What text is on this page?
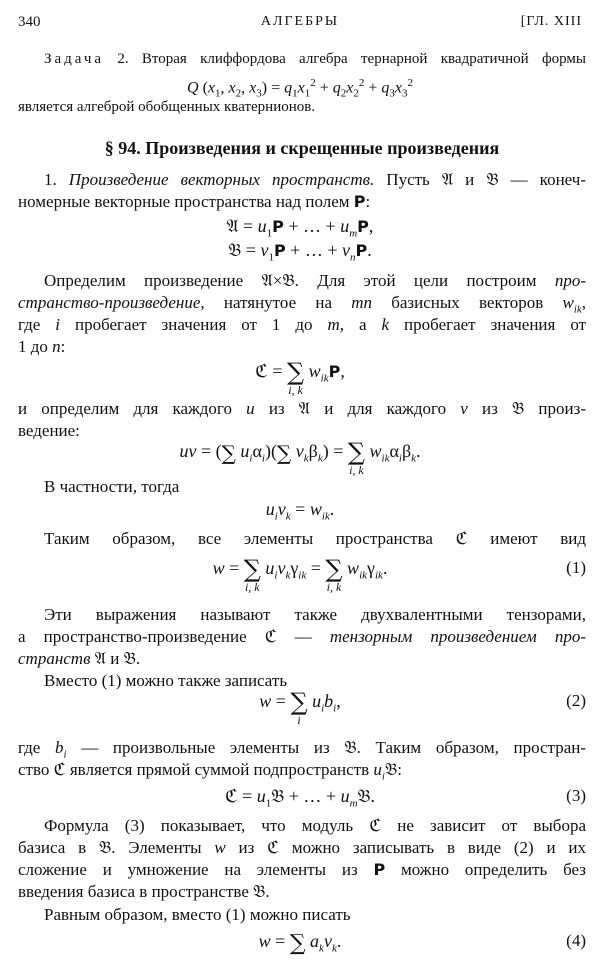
340	АЛГЕБРЫ	[ГЛ. XIII
Задача 2. Вторая клиффордова алгебра тернарной квадратичной формы
Q ($x_1$, $x_2$, $x_3) = q_1x_1^2 + q_2x_2^2 + q_3x_3^2$
является алгеброй обобщенных кватернионов.
§ 94. Произведения и скрещенные произведения
1. Произведение векторных пространств. Пусть 𝔄 и 𝔅 — конеч-
номерные векторные пространства над полем P:
𝔄 = $u_1P$ + … + $u_mP$,
𝔅 = $v_1P$ + … + $v_nP$.
Определим произведение 𝔄×𝔅. Для этой цели построим про-
странство-произведение, натянутое на mn базисных векторов $w_{ik}$,
где i пробегает значения от 1 до m, а k пробегает значения от
1 до n:
ℭ = ∑
i, k
$w_{ik}P$,
и определим для каждого u из 𝔄 и для каждого v из 𝔅 произ-
ведение:
uv = (∑ $u_i\alpha_i)(\sum$ $v_k\beta_k$) = ∑
i, k
$w_{ik}\alpha_i\beta_k$.
В частности, тогда
$u_iv_k = w_{ik}$.
Таким образом, все элементы пространства ℭ имеют вид
w = ∑
i, k
$u_iv_k\gamma_{ik}$ = ∑
i, k
$w_{ik}\gamma_{ik}$.	(1)
Эти выражения называют также двухвалентными тензорами,
а пространство-произведение ℭ — тензорным произведением про-
странств 𝔄 и 𝔅.
Вместо (1) можно также записать
w = ∑
i
$u_ib_i$,	(2)
где $b_i$ — произвольные элементы из 𝔅. Таким образом, простран-
ство ℭ является прямой суммой подпространств $u_i𝔅$:
ℭ = $u_1𝔅$ + … + $u_m𝔅$.	(3)
Формула (3) показывает, что модуль ℭ не зависит от выбора
базиса в 𝔅. Элементы w из ℭ можно записывать в виде (2) и их
сложение и умножение на элементы из P можно определить без
введения базиса в пространстве 𝔅.
Равным образом, вместо (1) можно писать
w = ∑ $a_kv_k$.	(4)
